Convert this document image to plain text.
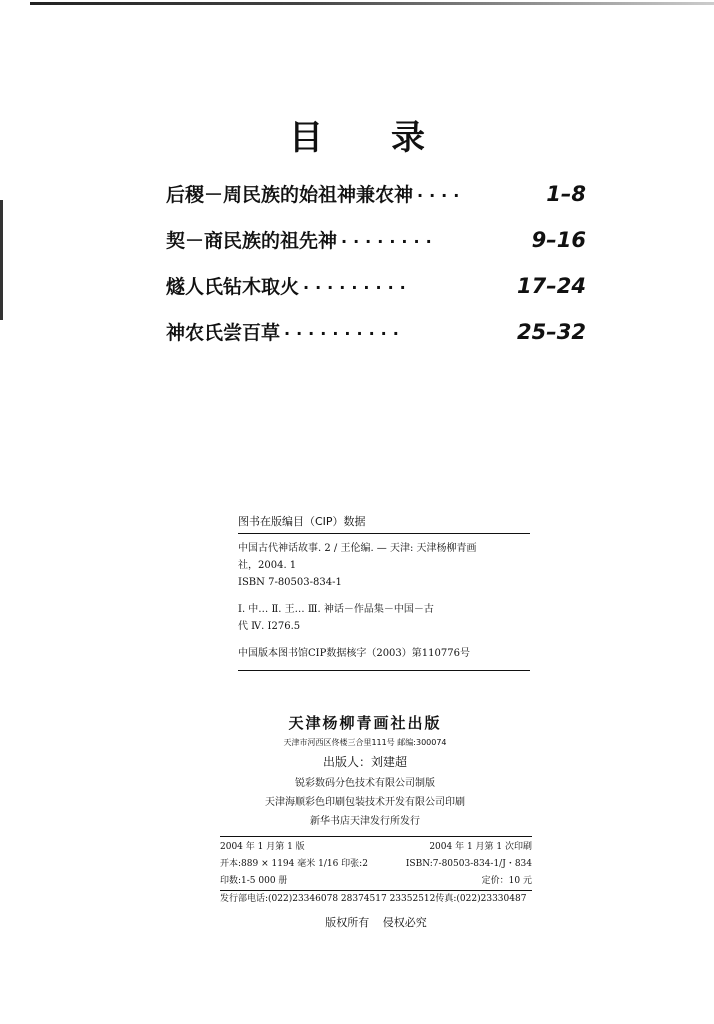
目录
后稷－周民族的始祖神兼农神 ····	1–8
契－商民族的祖先神 ········	9–16
燧人氏钻木取火 ·········	17–24
神农氏尝百草 ··········	25–32
图书在版编目（CIP）数据

中国古代神话故事. 2 / 王伦编. — 天津: 天津杨柳青画

社，2004. 1

ISBN 7-80503-834-1

Ⅰ. 中… Ⅱ. 王… Ⅲ. 神话－作品集－中国－古

代 Ⅳ. I276.5

中国版本图书馆CIP数据核字（2003）第110776号

天津杨柳青画社出版
天津市河西区佟楼三合里111号 邮编:300074
出版人：刘建超
锐彩数码分色技术有限公司制版
天津海顺彩色印刷包装技术开发有限公司印刷
新华书店天津发行所发行
2004 年 1 月第 1 版	2004 年 1 月第 1 次印刷
开本:889 × 1194 毫米 1/16 印张:2	ISBN:7-80503-834-1/J・834
印数:1-5 000 册	定价：10 元
发行部电话:(022)23346078 28374517 23352512传真:(022)23330487
版权所有 侵权必究
